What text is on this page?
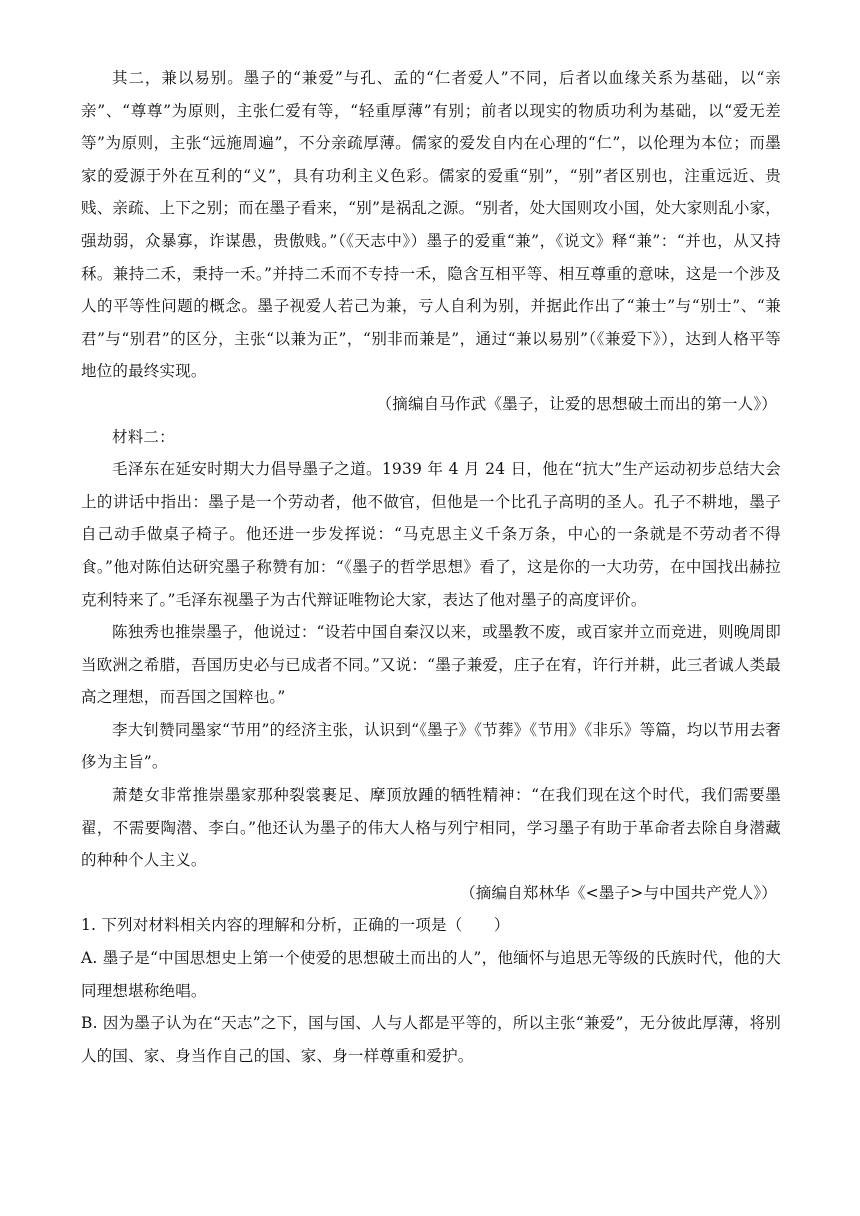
其二，兼以易别。墨子的“兼爱”与孔、孟的“仁者爱人”不同，后者以血缘关系为基础，以“亲亲”、“尊尊”为原则，主张仁爱有等，“轻重厚薄”有别；前者以现实的物质功利为基础，以“爱无差等”为原则，主张“远施周遍”，不分亲疏厚薄。儒家的爱发自内在心理的“仁”，以伦理为本位；而墨家的爱源于外在互利的“义”，具有功利主义色彩。儒家的爱重“别”，“别”者区别也，注重远近、贵贱、亲疏、上下之别；而在墨子看来，“别”是祸乱之源。“别者，处大国则攻小国，处大家则乱小家，强劫弱，众暴寡，诈谋愚，贵傲贱。”（《天志中》）墨子的爱重“兼”，《说文》释“兼”：“并也，从又持秝。兼持二禾，秉持一禾。”并持二禾而不专持一禾，隐含互相平等、相互尊重的意味，这是一个涉及人的平等性问题的概念。墨子视爱人若己为兼，亏人自利为别，并据此作出了“兼士”与“别士”、“兼君”与“别君”的区分，主张“以兼为正”，“别非而兼是”，通过“兼以易别”（《兼爱下》），达到人格平等地位的最终实现。

（摘编自马作武《墨子，让爱的思想破土而出的第一人》）

材料二：

毛泽东在延安时期大力倡导墨子之道。1939 年 4 月 24 日，他在“抗大”生产运动初步总结大会上的讲话中指出：墨子是一个劳动者，他不做官，但他是一个比孔子高明的圣人。孔子不耕地，墨子自己动手做桌子椅子。他还进一步发挥说：“马克思主义千条万条，中心的一条就是不劳动者不得食。”他对陈伯达研究墨子称赞有加：“《墨子的哲学思想》看了，这是你的一大功劳，在中国找出赫拉克利特来了。”毛泽东视墨子为古代辩证唯物论大家，表达了他对墨子的高度评价。

陈独秀也推崇墨子，他说过：“设若中国自秦汉以来，或墨教不废，或百家并立而竞进，则晚周即当欧洲之希腊，吾国历史必与已成者不同。”又说：“墨子兼爱，庄子在宥，许行并耕，此三者诚人类最高之理想，而吾国之国粹也。”

李大钊赞同墨家“节用”的经济主张，认识到“《墨子》《节葬》《节用》《非乐》等篇，均以节用去奢侈为主旨”。

萧楚女非常推崇墨家那种裂裳裹足、摩顶放踵的牺牲精神：“在我们现在这个时代，我们需要墨翟，不需要陶潜、李白。”他还认为墨子的伟大人格与列宁相同，学习墨子有助于革命者去除自身潜藏的种种个人主义。

（摘编自郑林华《<墨子>与中国共产党人》）

1. 下列对材料相关内容的理解和分析，正确的一项是（　　）

A. 墨子是“中国思想史上第一个使爱的思想破土而出的人”，他缅怀与追思无等级的氏族时代，他的大同理想堪称绝唱。

B. 因为墨子认为在“天志”之下，国与国、人与人都是平等的，所以主张“兼爱”，无分彼此厚薄，将别人的国、家、身当作自己的国、家、身一样尊重和爱护。
